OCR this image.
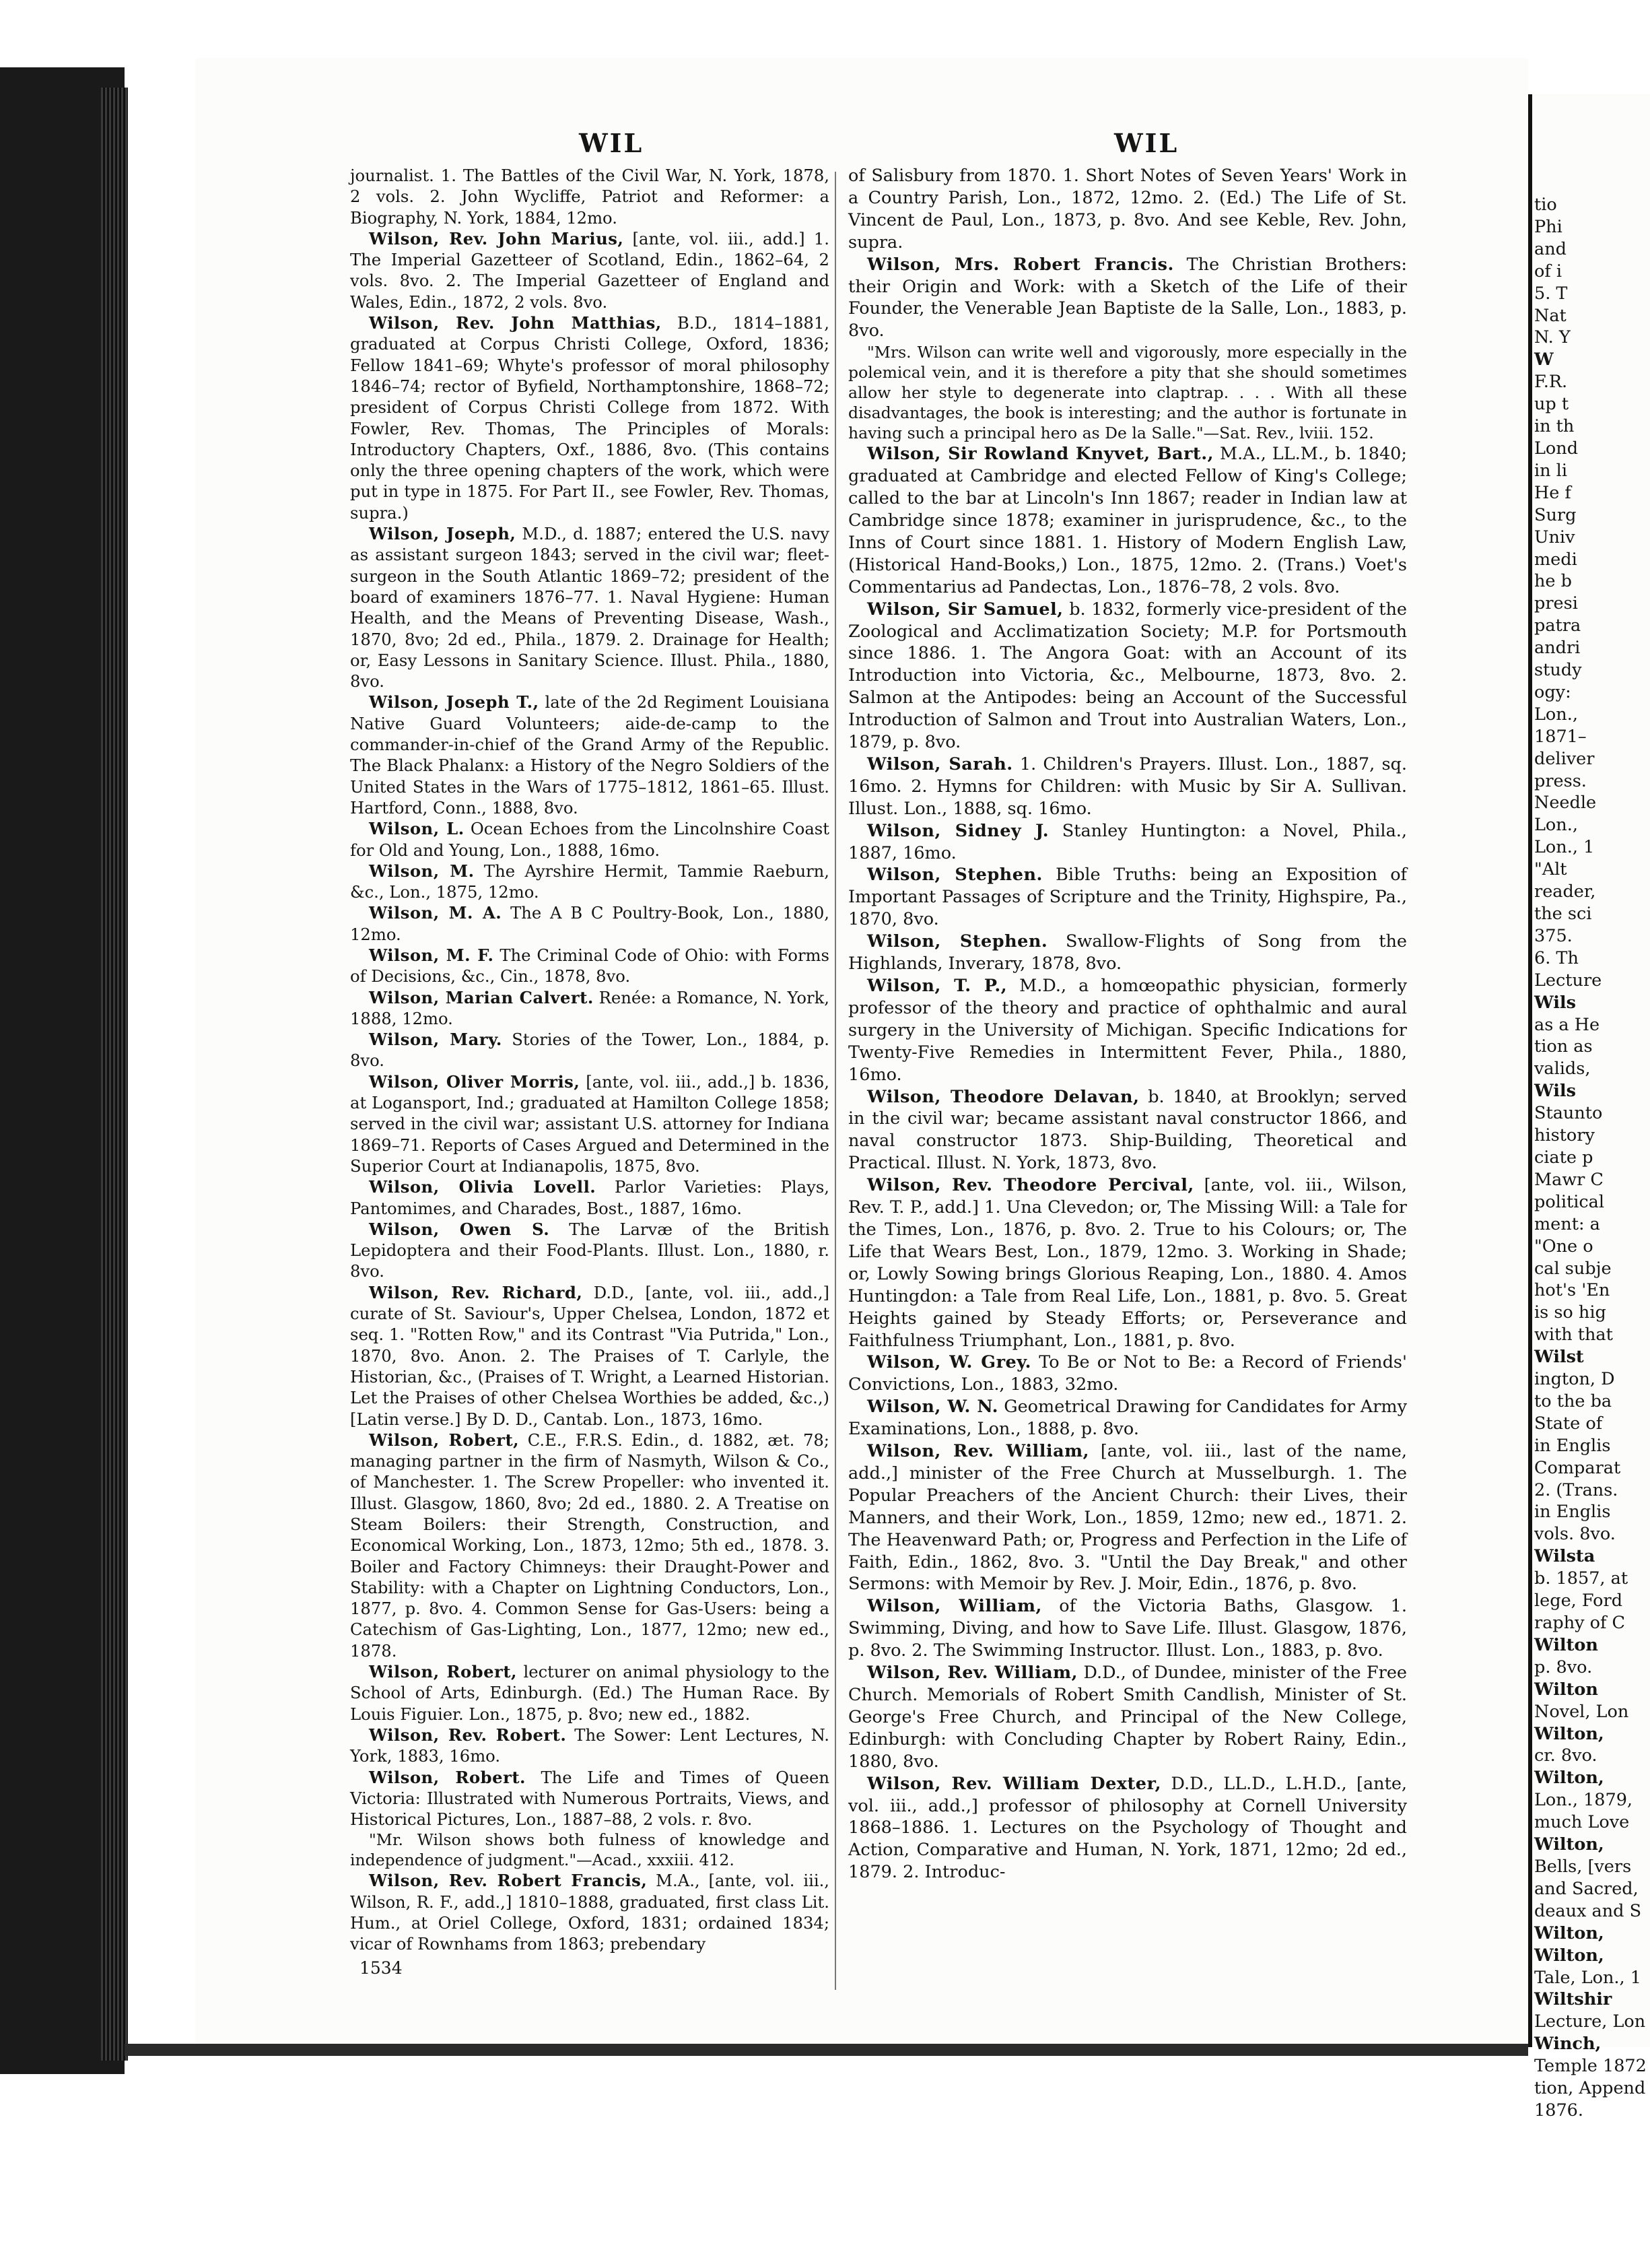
WIL	WIL

journalist. 1. The Battles of the Civil War, N. York, 1878, 2 vols. 2. John Wycliffe, Patriot and Reformer: a Biography, N. York, 1884, 12mo.

Wilson, Rev. John Marius, [ante, vol. iii., add.] 1. The Imperial Gazetteer of Scotland, Edin., 1862–64, 2 vols. 8vo. 2. The Imperial Gazetteer of England and Wales, Edin., 1872, 2 vols. 8vo.

Wilson, Rev. John Matthias, B.D., 1814–1881, graduated at Corpus Christi College, Oxford, 1836; Fellow 1841–69; Whyte's professor of moral philosophy 1846–74; rector of Byfield, Northamptonshire, 1868–72; president of Corpus Christi College from 1872. With Fowler, Rev. Thomas, The Principles of Morals: Introductory Chapters, Oxf., 1886, 8vo. (This contains only the three opening chapters of the work, which were put in type in 1875. For Part II., see Fowler, Rev. Thomas, supra.)

Wilson, Joseph, M.D., d. 1887; entered the U.S. navy as assistant surgeon 1843; served in the civil war; fleet-surgeon in the South Atlantic 1869–72; president of the board of examiners 1876–77. 1. Naval Hygiene: Human Health, and the Means of Preventing Disease, Wash., 1870, 8vo; 2d ed., Phila., 1879. 2. Drainage for Health; or, Easy Lessons in Sanitary Science. Illust. Phila., 1880, 8vo.

Wilson, Joseph T., late of the 2d Regiment Louisiana Native Guard Volunteers; aide-de-camp to the commander-in-chief of the Grand Army of the Republic. The Black Phalanx: a History of the Negro Soldiers of the United States in the Wars of 1775–1812, 1861–65. Illust. Hartford, Conn., 1888, 8vo.

Wilson, L. Ocean Echoes from the Lincolnshire Coast for Old and Young, Lon., 1888, 16mo.

Wilson, M. The Ayrshire Hermit, Tammie Raeburn, &c., Lon., 1875, 12mo.

Wilson, M. A. The A B C Poultry-Book, Lon., 1880, 12mo.

Wilson, M. F. The Criminal Code of Ohio: with Forms of Decisions, &c., Cin., 1878, 8vo.

Wilson, Marian Calvert. Renée: a Romance, N. York, 1888, 12mo.

Wilson, Mary. Stories of the Tower, Lon., 1884, p. 8vo.

Wilson, Oliver Morris, [ante, vol. iii., add.,] b. 1836, at Logansport, Ind.; graduated at Hamilton College 1858; served in the civil war; assistant U.S. attorney for Indiana 1869–71. Reports of Cases Argued and Determined in the Superior Court at Indianapolis, 1875, 8vo.

Wilson, Olivia Lovell. Parlor Varieties: Plays, Pantomimes, and Charades, Bost., 1887, 16mo.

Wilson, Owen S. The Larvæ of the British Lepidoptera and their Food-Plants. Illust. Lon., 1880, r. 8vo.

Wilson, Rev. Richard, D.D., [ante, vol. iii., add.,] curate of St. Saviour's, Upper Chelsea, London, 1872 et seq. 1. "Rotten Row," and its Contrast "Via Putrida," Lon., 1870, 8vo. Anon. 2. The Praises of T. Carlyle, the Historian, &c., (Praises of T. Wright, a Learned Historian. Let the Praises of other Chelsea Worthies be added, &c.,) [Latin verse.] By D. D., Cantab. Lon., 1873, 16mo.

Wilson, Robert, C.E., F.R.S. Edin., d. 1882, æt. 78; managing partner in the firm of Nasmyth, Wilson & Co., of Manchester. 1. The Screw Propeller: who invented it. Illust. Glasgow, 1860, 8vo; 2d ed., 1880. 2. A Treatise on Steam Boilers: their Strength, Construction, and Economical Working, Lon., 1873, 12mo; 5th ed., 1878. 3. Boiler and Factory Chimneys: their Draught-Power and Stability: with a Chapter on Lightning Conductors, Lon., 1877, p. 8vo. 4. Common Sense for Gas-Users: being a Catechism of Gas-Lighting, Lon., 1877, 12mo; new ed., 1878.

Wilson, Robert, lecturer on animal physiology to the School of Arts, Edinburgh. (Ed.) The Human Race. By Louis Figuier. Lon., 1875, p. 8vo; new ed., 1882.

Wilson, Rev. Robert. The Sower: Lent Lectures, N. York, 1883, 16mo.

Wilson, Robert. The Life and Times of Queen Victoria: Illustrated with Numerous Portraits, Views, and Historical Pictures, Lon., 1887–88, 2 vols. r. 8vo.

"Mr. Wilson shows both fulness of knowledge and independence of judgment."—Acad., xxxiii. 412.

Wilson, Rev. Robert Francis, M.A., [ante, vol. iii., Wilson, R. F., add.,] 1810–1888, graduated, first class Lit. Hum., at Oriel College, Oxford, 1831; ordained 1834; vicar of Rownhams from 1863; prebendary

1534

of Salisbury from 1870. 1. Short Notes of Seven Years' Work in a Country Parish, Lon., 1872, 12mo. 2. (Ed.) The Life of St. Vincent de Paul, Lon., 1873, p. 8vo. And see Keble, Rev. John, supra.

Wilson, Mrs. Robert Francis. The Christian Brothers: their Origin and Work: with a Sketch of the Life of their Founder, the Venerable Jean Baptiste de la Salle, Lon., 1883, p. 8vo.

"Mrs. Wilson can write well and vigorously, more especially in the polemical vein, and it is therefore a pity that she should sometimes allow her style to degenerate into claptrap. . . . With all these disadvantages, the book is interesting; and the author is fortunate in having such a principal hero as De la Salle."—Sat. Rev., lviii. 152.

Wilson, Sir Rowland Knyvet, Bart., M.A., LL.M., b. 1840; graduated at Cambridge and elected Fellow of King's College; called to the bar at Lincoln's Inn 1867; reader in Indian law at Cambridge since 1878; examiner in jurisprudence, &c., to the Inns of Court since 1881. 1. History of Modern English Law, (Historical Hand-Books,) Lon., 1875, 12mo. 2. (Trans.) Voet's Commentarius ad Pandectas, Lon., 1876–78, 2 vols. 8vo.

Wilson, Sir Samuel, b. 1832, formerly vice-president of the Zoological and Acclimatization Society; M.P. for Portsmouth since 1886. 1. The Angora Goat: with an Account of its Introduction into Victoria, &c., Melbourne, 1873, 8vo. 2. Salmon at the Antipodes: being an Account of the Successful Introduction of Salmon and Trout into Australian Waters, Lon., 1879, p. 8vo.

Wilson, Sarah. 1. Children's Prayers. Illust. Lon., 1887, sq. 16mo. 2. Hymns for Children: with Music by Sir A. Sullivan. Illust. Lon., 1888, sq. 16mo.

Wilson, Sidney J. Stanley Huntington: a Novel, Phila., 1887, 16mo.

Wilson, Stephen. Bible Truths: being an Exposition of Important Passages of Scripture and the Trinity, Highspire, Pa., 1870, 8vo.

Wilson, Stephen. Swallow-Flights of Song from the Highlands, Inverary, 1878, 8vo.

Wilson, T. P., M.D., a homœopathic physician, formerly professor of the theory and practice of ophthalmic and aural surgery in the University of Michigan. Specific Indications for Twenty-Five Remedies in Intermittent Fever, Phila., 1880, 16mo.

Wilson, Theodore Delavan, b. 1840, at Brooklyn; served in the civil war; became assistant naval constructor 1866, and naval constructor 1873. Ship-Building, Theoretical and Practical. Illust. N. York, 1873, 8vo.

Wilson, Rev. Theodore Percival, [ante, vol. iii., Wilson, Rev. T. P., add.] 1. Una Clevedon; or, The Missing Will: a Tale for the Times, Lon., 1876, p. 8vo. 2. True to his Colours; or, The Life that Wears Best, Lon., 1879, 12mo. 3. Working in Shade; or, Lowly Sowing brings Glorious Reaping, Lon., 1880. 4. Amos Huntingdon: a Tale from Real Life, Lon., 1881, p. 8vo. 5. Great Heights gained by Steady Efforts; or, Perseverance and Faithfulness Triumphant, Lon., 1881, p. 8vo.

Wilson, W. Grey. To Be or Not to Be: a Record of Friends' Convictions, Lon., 1883, 32mo.

Wilson, W. N. Geometrical Drawing for Candidates for Army Examinations, Lon., 1888, p. 8vo.

Wilson, Rev. William, [ante, vol. iii., last of the name, add.,] minister of the Free Church at Musselburgh. 1. The Popular Preachers of the Ancient Church: their Lives, their Manners, and their Work, Lon., 1859, 12mo; new ed., 1871. 2. The Heavenward Path; or, Progress and Perfection in the Life of Faith, Edin., 1862, 8vo. 3. "Until the Day Break," and other Sermons: with Memoir by Rev. J. Moir, Edin., 1876, p. 8vo.

Wilson, William, of the Victoria Baths, Glasgow. 1. Swimming, Diving, and how to Save Life. Illust. Glasgow, 1876, p. 8vo. 2. The Swimming Instructor. Illust. Lon., 1883, p. 8vo.

Wilson, Rev. William, D.D., of Dundee, minister of the Free Church. Memorials of Robert Smith Candlish, Minister of St. George's Free Church, and Principal of the New College, Edinburgh: with Concluding Chapter by Robert Rainy, Edin., 1880, 8vo.

Wilson, Rev. William Dexter, D.D., LL.D., L.H.D., [ante, vol. iii., add.,] professor of philosophy at Cornell University 1868–1886. 1. Lectures on the Psychology of Thought and Action, Comparative and Human, N. York, 1871, 12mo; 2d ed., 1879. 2. Introduc-

tio
Phi
and
of i
5. T
Nat
N. Y
W
F.R.
up t
in th
Lond
in li
He f
Surg
Univ
medi
he b
presi
patra
andri
study
ogy:
Lon.,
1871–
deliver
press.
Needle
Lon.,
Lon., 1
"Alt
reader,
the sci
375.
6. Th
Lecture
Wils
as a He
tion as
valids,
Wils
Staunto
history
ciate p
Mawr C
political
ment: a
"One o
cal subje
hot's 'En
is so hig
with that
Wilst
ington, D
to the ba
State of
in Englis
Comparat
2. (Trans.
in Englis
vols. 8vo.
Wilsta
b. 1857, at
lege, Ford
raphy of C
Wilton
p. 8vo.
Wilton
Novel, Lon
Wilton,
cr. 8vo.
Wilton,
Lon., 1879,
much Love
Wilton,
Bells, [vers
and Sacred,
deaux and S
Wilton,
Wilton,
Tale, Lon., 1
Wiltshir
Lecture, Lon
Winch,
Temple 1872
tion, Append
1876.
